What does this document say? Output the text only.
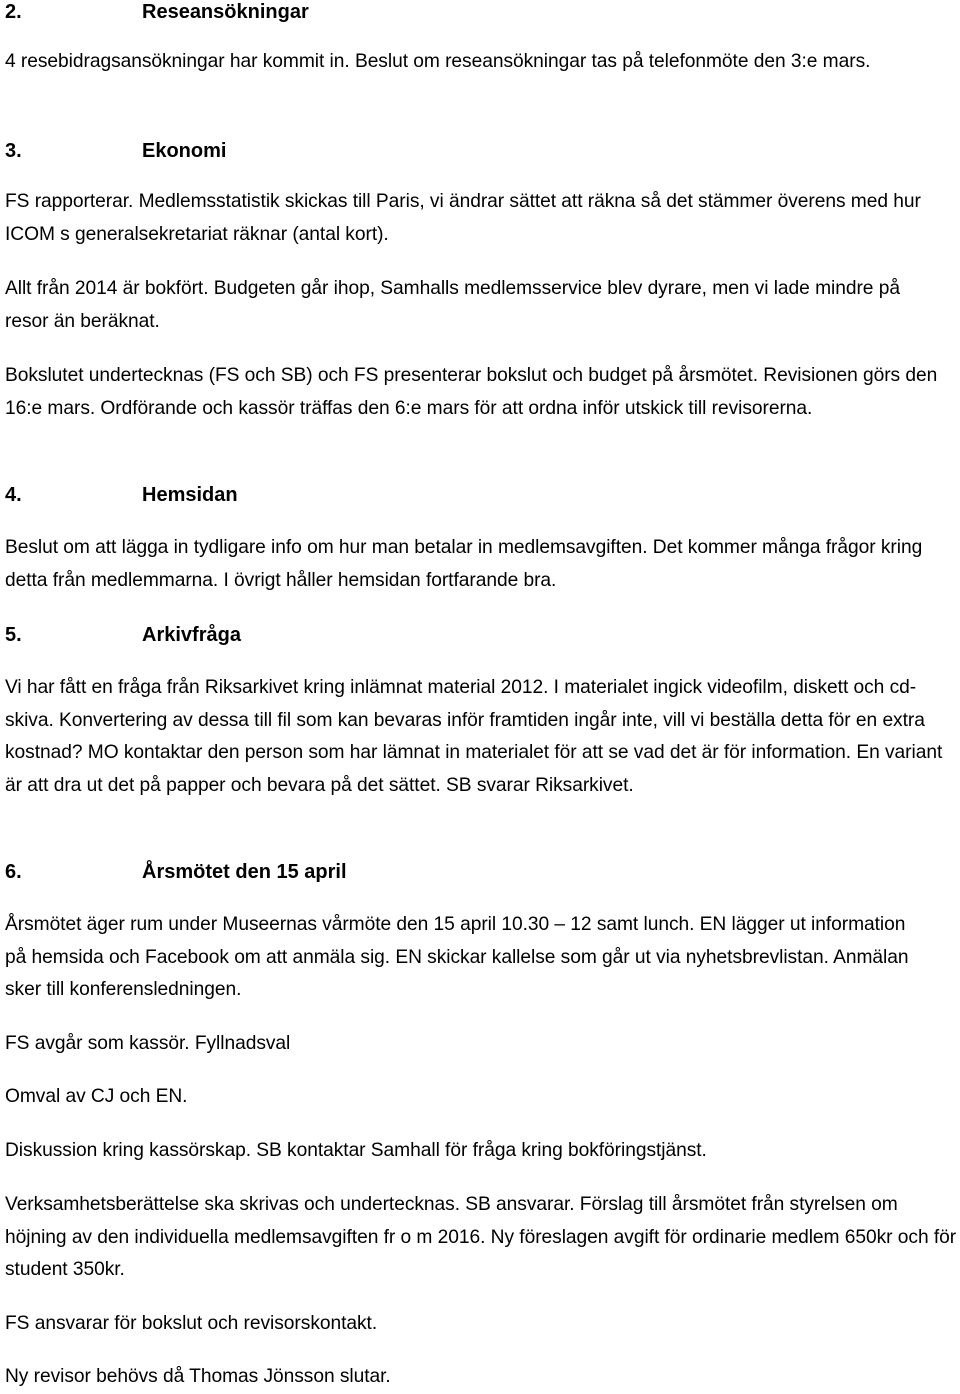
2.	Reseansökningar

4 resebidragsansökningar har kommit in. Beslut om reseansökningar tas på telefonmöte den 3:e mars.

3.	Ekonomi

FS rapporterar. Medlemsstatistik skickas till Paris, vi ändrar sättet att räkna så det stämmer överens med hur ICOM s generalsekretariat räknar (antal kort).

Allt från 2014 är bokfört. Budgeten går ihop, Samhalls medlemsservice blev dyrare, men vi lade mindre på resor än beräknat.

Bokslutet undertecknas (FS och SB) och FS presenterar bokslut och budget på årsmötet. Revisionen görs den 16:e mars. Ordförande och kassör träffas den 6:e mars för att ordna inför utskick till revisorerna.

4.	Hemsidan

Beslut om att lägga in tydligare info om hur man betalar in medlemsavgiften. Det kommer många frågor kring detta från medlemmarna. I övrigt håller hemsidan fortfarande bra.

5.	Arkivfråga

Vi har fått en fråga från Riksarkivet kring inlämnat material 2012. I materialet ingick videofilm, diskett och cd-skiva. Konvertering av dessa till fil som kan bevaras inför framtiden ingår inte, vill vi beställa detta för en extra kostnad? MO kontaktar den person som har lämnat in materialet för att se vad det är för information. En variant är att dra ut det på papper och bevara på det sättet. SB svarar Riksarkivet.

6.	Årsmötet den 15 april

Årsmötet äger rum under Museernas vårmöte den 15 april 10.30 – 12 samt lunch. EN lägger ut information på hemsida och Facebook om att anmäla sig. EN skickar kallelse som går ut via nyhetsbrevlistan. Anmälan sker till konferensledningen.

FS avgår som kassör. Fyllnadsval

Omval av CJ och EN.

Diskussion kring kassörskap. SB kontaktar Samhall för fråga kring bokföringstjänst.

Verksamhetsberättelse ska skrivas och undertecknas. SB ansvarar. Förslag till årsmötet från styrelsen om höjning av den individuella medlemsavgiften fr o m 2016. Ny föreslagen avgift för ordinarie medlem 650kr och för student 350kr.

FS ansvarar för bokslut och revisorskontakt.

Ny revisor behövs då Thomas Jönsson slutar.
